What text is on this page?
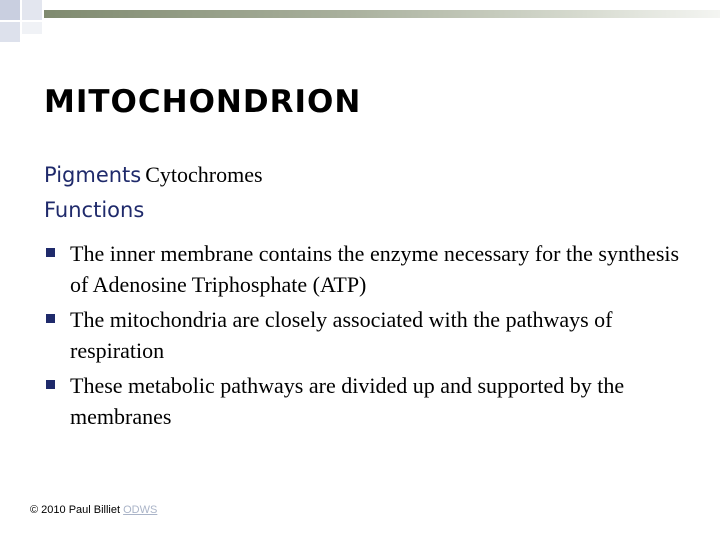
MITOCHONDRION
Pigments Cytochromes
Functions
The inner membrane contains the enzyme necessary for the synthesis of Adenosine Triphosphate (ATP)
The mitochondria are closely associated with the pathways of respiration
These metabolic pathways are divided up and supported by the membranes
© 2010 Paul Billiet ODWS
